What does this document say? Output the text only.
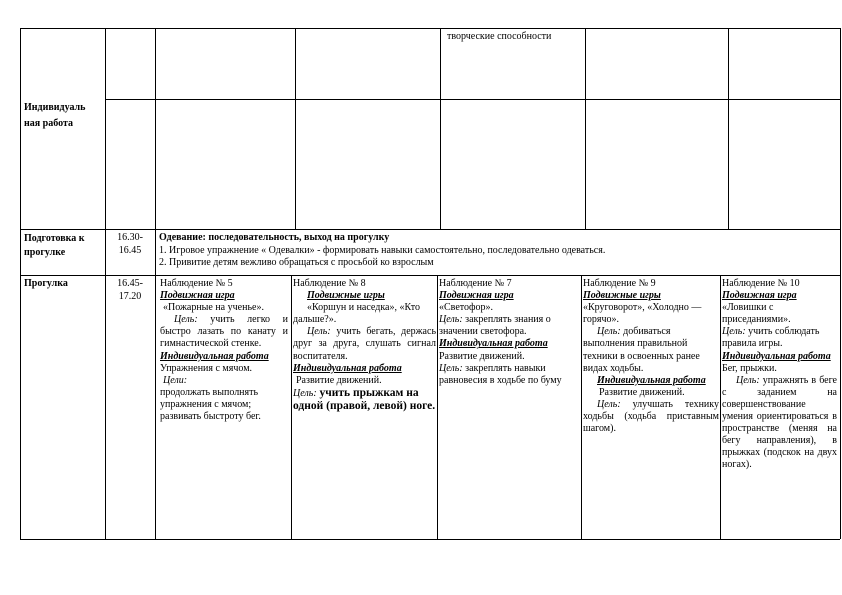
творческие способности
Индивидуаль
ная работа
Подготовка к прогулке
16.30-
16.45
Одевание: последовательность, выход на прогулку
1. Игровое упражнение « Одевалки» - формировать навыки самостоятельно, последовательно одеваться.
2. Привитие детям вежливо обращаться с просьбой ко взрослым
Прогулка	16.45-
17.20
Наблюдение № 5
Подвижная игра
«Пожарные на ученье».
Цель: учить легко и быстро лазать по канату и гимнастической стенке.
Индивидуальная работа
Упражнения с мячом.
Цели:
продолжать выполнять упражнения с мячом;
развивать быстроту бег.
Наблюдение № 8
Подвижные игры
«Коршун и наседка», «Кто дальше?».
Цель: учить бегать, держась друг за друга, слушать сигнал воспитателя.
Индивидуальная работа
Развитие движений.
Цель: учить прыжкам на одной (правой, левой) ноге.
Наблюдение № 7
Подвижная игра
«Светофор».
Цель: закреплять знания о значении светофора.
Индивидуальная работа
Развитие движений.
Цель: закреплять навыки равновесия в ходьбе по буму
Наблюдение № 9
Подвижные игры
«Круговорот», «Холодно — горячо».
Цель: добиваться выполнения правильной техники в освоенных ранее видах ходьбы.
Индивидуальная работа
Развитие движений.
Цель: улучшать технику ходьбы (ходьба приставным шагом).
Наблюдение № 10
Подвижная игра
«Ловишки с приседаниями».
Цель: учить соблюдать правила игры.
Индивидуальная работа
Бег, прыжки.
Цель: упражнять в беге с заданием на совершенствование умения ориентироваться в пространстве (меняя на бегу направления), в прыжках (подскок на двух ногах).
